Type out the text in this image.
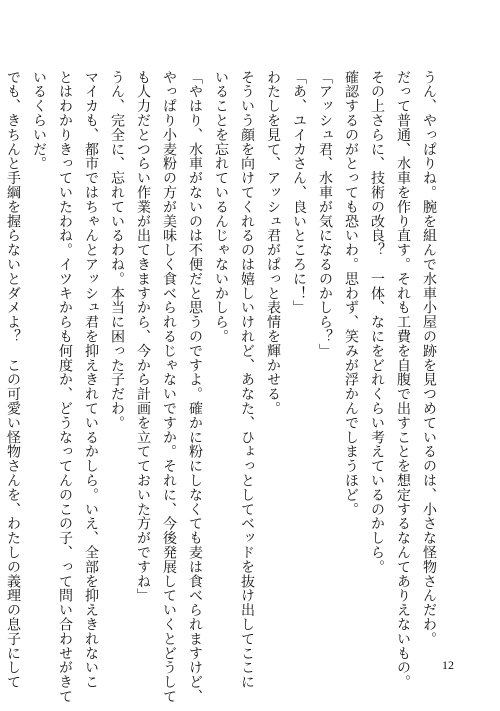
うん、やっぱりね。腕を組んで水車小屋の跡を見つめているのは、小さな怪物さんだわ。
だって普通、水車を作り直す。それも工費を自腹で出すことを想定するなんてありえないもの。
その上さらに、技術の改良？　一体、なにをどれくらい考えているのかしら。
確認するのがとっても恐いわ。思わず、笑みが浮かんでしまうほど。
「アッシュ君、水車が気になるのかしら？」
「あ、ユイカさん、良いところに！」
わたしを見て、アッシュ君がぱっと表情を輝かせる。
そういう顔を向けてくれるのは嬉しいけれど、あなた、ひょっとしてベッドを抜け出してここに
いることを忘れているんじゃないかしら。
「やはり、水車がないのは不便だと思うのですよ。確かに粉にしなくても麦は食べられますけど、
やっぱり小麦粉の方が美味しく食べられるじゃないですか。それに、今後発展していくとどうして
も人力だとつらい作業が出てきますから、今から計画を立てておいた方がですね」
うん、完全に、忘れているわね。本当に困った子だわ。
マイカも、都市ではちゃんとアッシュ君を抑えきれているかしら。いえ、全部を抑えきれないこ
とはわかりきっていたわね。イツキからも何度か、どうなってんのこの子、って問い合わせがきて
いるくらいだ。
でも、きちんと手綱を握らないとダメよ？　この可愛い怪物さんを、わたしの義理の息子にして	12
